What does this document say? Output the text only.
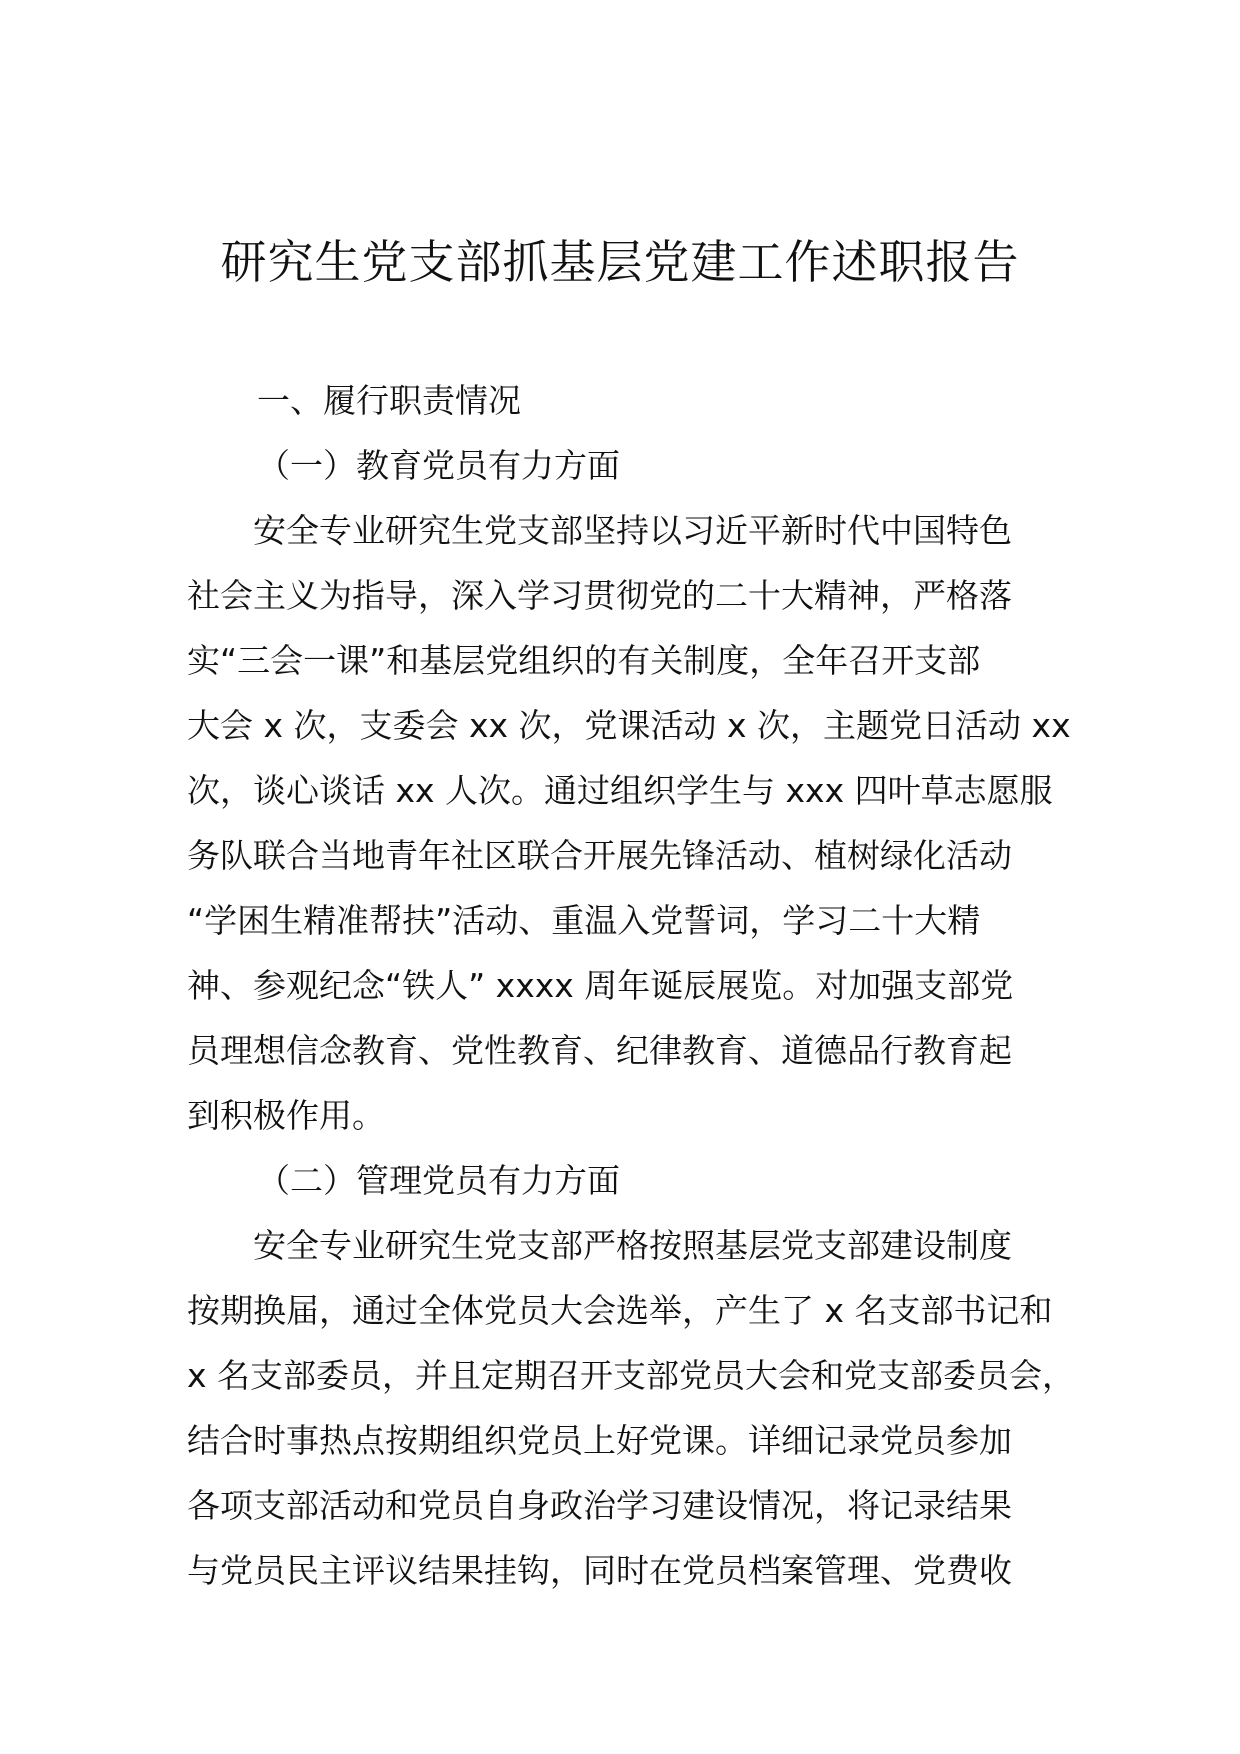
研究生党支部抓基层党建工作述职报告
一、履行职责情况
（一）教育党员有力方面
安全专业研究生党支部坚持以习近平新时代中国特色
社会主义为指导，深入学习贯彻党的二十大精神，严格落
实“三会一课”和基层党组织的有关制度，全年召开支部
大会 x 次，支委会 xx 次，党课活动 x 次，主题党日活动 xx
次，谈心谈话 xx 人次。通过组织学生与 xxx 四叶草志愿服
务队联合当地青年社区联合开展先锋活动、植树绿化活动
“学困生精准帮扶”活动、重温入党誓词，学习二十大精
神、参观纪念“铁人” xxxx 周年诞辰展览。对加强支部党
员理想信念教育、党性教育、纪律教育、道德品行教育起
到积极作用。
（二）管理党员有力方面
安全专业研究生党支部严格按照基层党支部建设制度
按期换届，通过全体党员大会选举，产生了 x 名支部书记和
x 名支部委员，并且定期召开支部党员大会和党支部委员会，
结合时事热点按期组织党员上好党课。详细记录党员参加
各项支部活动和党员自身政治学习建设情况，将记录结果
与党员民主评议结果挂钩，同时在党员档案管理、党费收
